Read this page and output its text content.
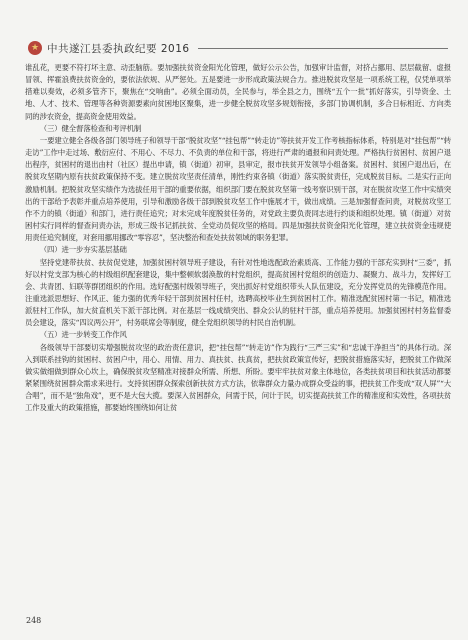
★
中共遂江县委执政纪要 2016

谁乱花，更要不符打坏主意、动歪脑筋。要加强扶贫资金阳光化管理，做好公示公告，加强审计监督，对挤占挪用、层层截留、虚报冒领、挥霍浪费扶贫资金的，要依法依规、从严惩处。五是要进一步形成政策法规合力。推进脱贫攻坚是一项系统工程，仅凭单项举措难以奏效，必须多管齐下，聚焦在“交响曲”。必须全面动员，全民参与，举全县之力，围绕“五个一批”抓好落实，引导资金、土地、人才、技术、管理等各种资源要素向贫困地区聚集，进一步健全脱贫攻坚多规划衔接，多部门协调机制，多合日标相近、方向类同的涉农资金，提高资金使用效益。

（三）健全督落检查和考评机制

一要建立健全各级各部门领导班子和领导干部“脱贫攻坚”“挂包帮”“转走访”等扶贫开发工作考核指标体系，特别是对“挂包帮”“转走访”工作中走过场、敷衍应付、不用心、不尽力、不负责的单位和干部，将进行严肃的通报和问责处理。严格执行贫困村、贫困户退出程序，贫困村的退出由村（社区）提出申请，镇（街道）初审，县审定，报市扶贫开发领导小组备案。贫困村、贫困户退出后，在脱贫攻坚期内原有扶贫政策保持不变。建立脱贫攻坚责任清单，刚性约束各镇（街道）落实脱贫责任，完成脱贫目标。二是实行正向激励机制。把脱贫攻坚实绩作为选拔任用干部的重要依据，组织部门要在脱贫攻坚第一线考察识别干部，对在脱贫攻坚工作中实绩突出的干部给予表彰并重点培养使用，引导和激励各级干部到脱贫攻坚工作中施展才干，做出成绩。三是加强督查问责，对脱贫攻坚工作不力的镇（街道）和部门，进行责任追究；对未完成年度脱贫任务的，对党政主要负责同志进行约谈和组织处理。镇（街道）对贫困村实行同样的督查问责办法，形成三级书记抓扶贫、全党动员促攻坚的格局。四是加强扶贫资金阳光化管理，建立扶贫资金违规使用责任追究制度，对套用挪用挪改“零容忍”，坚决整治和查处扶贫领域的职务犯罪。

（四）进一步夯实基层基础

坚持党建带扶贫、扶贫促党建，加强贫困村领导班子建设，有针对性地选配政治素质高、工作能力强的干部充实到村“三委”，抓好以村党支部为核心的村级组织配套建设，集中整顿软弱涣散的村党组织，提高贫困村党组织的创造力、凝聚力、战斗力，发挥好工会、共青团、妇联等群团组织的作用。选好配强村级领导班子，突出抓好村党组织带头人队伍建设，充分发挥党员的先锋模范作用。注重选派思想好、作风正、能力强的优秀年轻干部到贫困村任村，选聘高校毕业生到贫困村工作。精准选配贫困村第一书记，精准选派驻村工作队，加大贫直机关下派干部比例。对在基层一线成绩突出、群众公认的驻村干部，重点培养使用。加强贫困村村务监督委员会建设，落实“四议两公开”，村务联席会等制度，健全党组织领导的村民自治机制。

（五）进一步转变工作作风

各级领导干部要切实增强脱贫攻坚的政治责任意识，把“挂包帮”“转走访”作为践行“三严三实”和“忠诚干净担当”的具体行动。深入到联系挂钩的贫困村、贫困户中，用心、用情、用力、真扶贫、扶真贫，把扶贫政策宣传好，把脱贫措施落实好，把脱贫工作做深做实做细做到群众心坎上，确保脱贫攻坚精准对接群众所需、所想、所盼。要牢牢扶贫对象主体地位，各类扶贫项目和扶贫活动都要紧紧围绕贫困群众需求来进行。支持贫困群众探索创新扶贫方式方法，依靠群众力量办成群众受益的事，把扶贫工作变成“双人屏”“大合唱”，而不是“独角戏”，更不是大包大揽。要深入贫困群众，问需于民，问计于民，切实提高扶贫工作的精准度和实效性，各项扶贫工作及重大的政策措施，都要始终围绕如何让贫

248
